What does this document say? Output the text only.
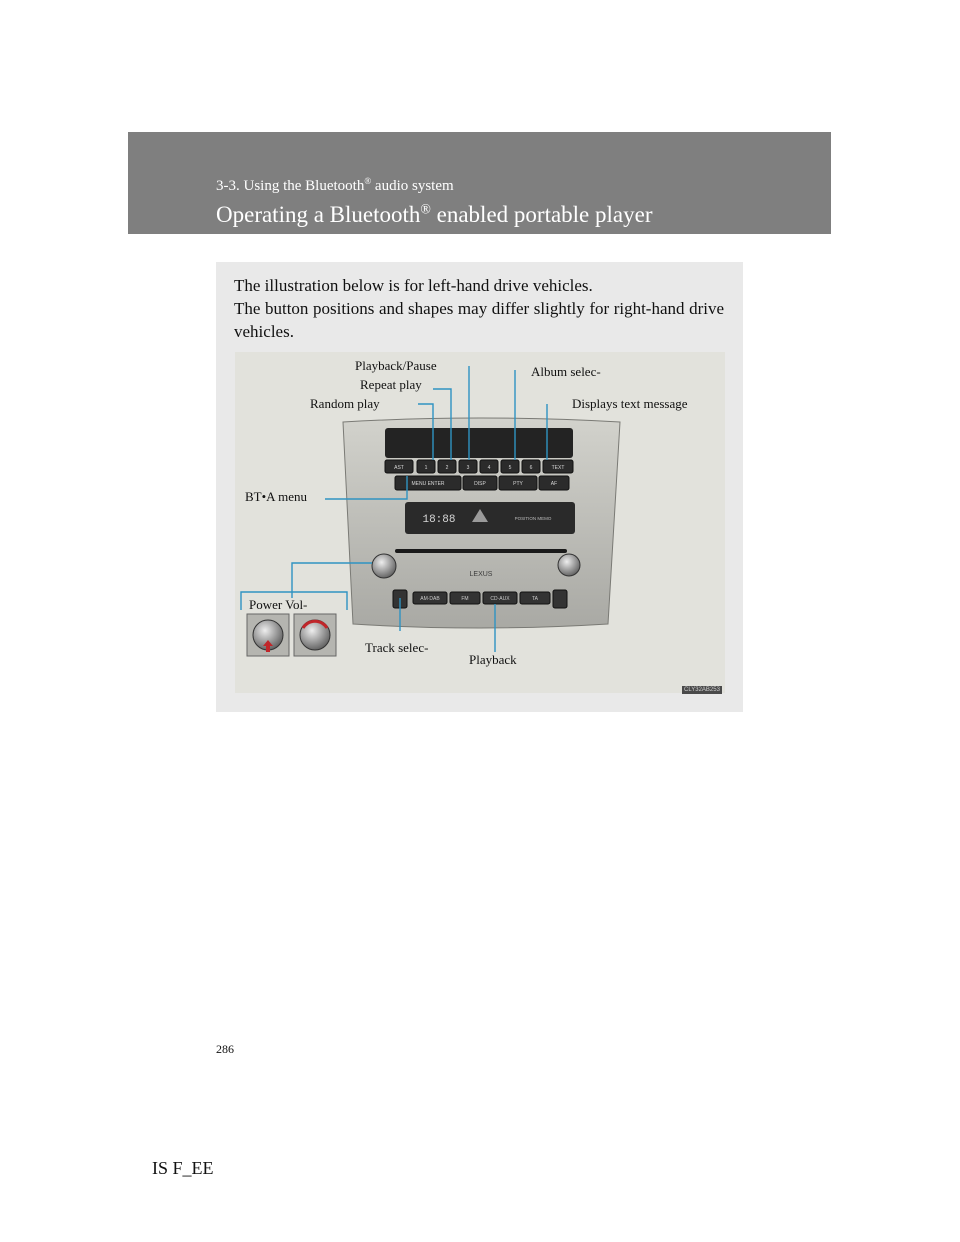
3-3. Using the Bluetooth® audio system
Operating a Bluetooth® enabled portable player

The illustration below is for left-hand drive vehicles.

The button positions and shapes may differ slightly for right-hand drive vehicles.

AST	1	2	3	4	5	6	TEXT
MENU ENTER	DISP	PTY	AF
18:88	POSITION MEMO
LEXUS
AM·DAB	FM	CD·AUX	TA
Playback/Pause
Repeat play
Random play
Album selec-
Displays text message
BT•A menu
Power Vol-
Track selec-
Playback
CLY32AB253
286
IS F_EE
